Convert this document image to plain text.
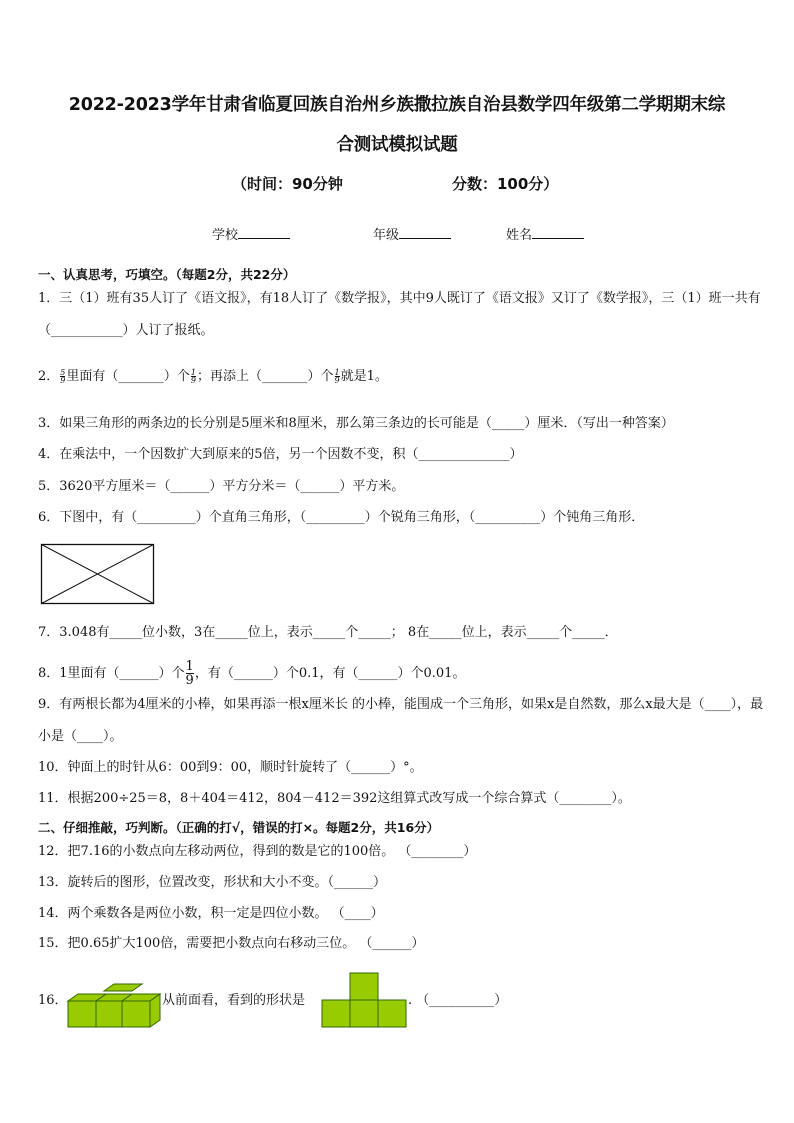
2022-2023学年甘肃省临夏回族自治州乡族撒拉族自治县数学四年级第二学期期末综
合测试模拟试题
（时间：90分钟	分数：100分）
学校	年级	姓名
一、认真思考，巧填空。（每题2分，共22分）
1．三（1）班有35人订了《语文报》，有18人订了《数学报》，其中9人既订了《语文报》又订了《数学报》，三（1）班一共有（___________）人订了报纸。
2． $\frac{5}{9}$ 里面有（_______）个 $\frac{1}{9}$ ；再添上（_______）个 $\frac{1}{9}$ 就是1。
3．如果三角形的两条边的长分别是5厘米和8厘米，那么第三条边的长可能是（_____）厘米．（写出一种答案）
4．在乘法中，一个因数扩大到原来的5倍，另一个因数不变，积（______________）
5．3620平方厘米＝（______）平方分米＝（______）平方米。
6．下图中，有（_________）个直角三角形，（_________）个锐角三角形，（__________）个钝角三角形．
7．3.048有_____位小数，3在_____位上，表示_____个_____； 8在_____位上，表示_____个_____．
8．1里面有（______）个 $\frac{1}{9}$ ，有（______）个0.1，有（______）个0.01。
9．有两根长都为4厘米的小棒，如果再添一根x厘米长 的小棒，能围成一个三角形，如果x是自然数，那么x最大是（____），最小是（____）。
10．钟面上的时针从6：00到9：00，顺时针旋转了（______）°。
11．根据200÷25＝8，8＋404＝412，804－412＝392这组算式改写成一个综合算式（________）。
二、仔细推敲，巧判断。（正确的打√，错误的打×。每题2分，共16分）
12．把7.16的小数点向左移动两位，得到的数是它的100倍。 （________）
13．旋转后的图形，位置改变，形状和大小不变。（______）
14．两个乘数各是两位小数，积一定是四位小数。 （____）
15．把0.65扩大100倍，需要把小数点向右移动三位。 （______）
16．	从前面看，看到的形状是	. （__________）
